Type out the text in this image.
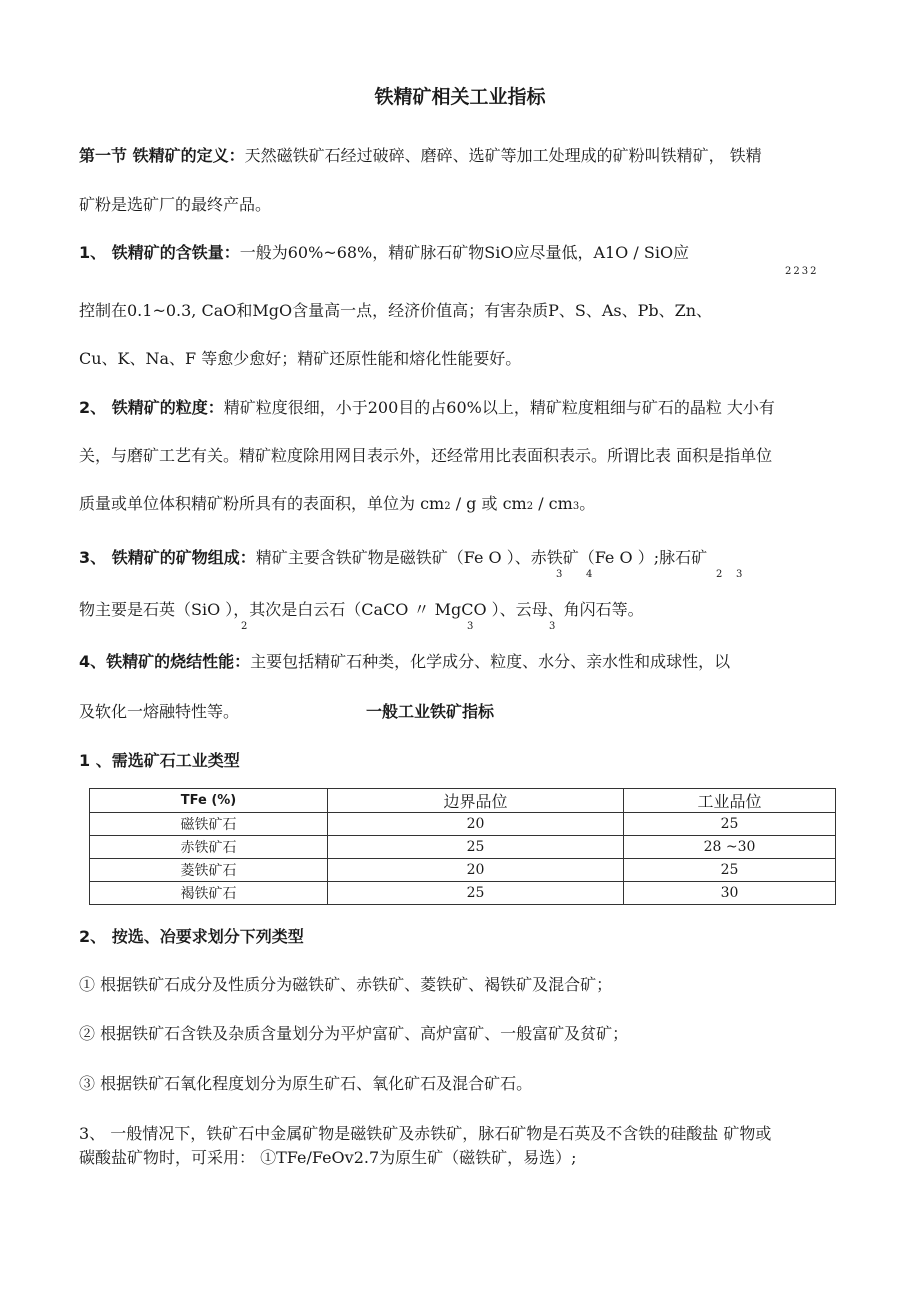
铁精矿相关工业指标
第一节 铁精矿的定义：天然磁铁矿石经过破碎、磨碎、选矿等加工处理成的矿粉叫铁精矿， 铁精
矿粉是选矿厂的最终产品。
1、 铁精矿的含铁量：一般为60%~68%，精矿脉石矿物SiO应尽量低，A1O / SiO应
2232
控制在0.1~0.3, CaO和MgO含量高一点，经济价值高；有害杂质P、S、As、Pb、Zn、
Cu、K、Na、F 等愈少愈好；精矿还原性能和熔化性能要好。
2、 铁精矿的粒度：精矿粒度很细，小于200目的占60%以上，精矿粒度粗细与矿石的晶粒 大小有
关，与磨矿工艺有关。精矿粒度除用网目表示外，还经常用比表面积表示。所谓比表 面积是指单位
质量或单位体积精矿粉所具有的表面积，单位为 cm2 / g 或 cm2 / cm3。
3、 铁精矿的矿物组成：精矿主要含铁矿物是磁铁矿（Fe O ）、赤铁矿（Fe O ）;脉石矿
3 4	2 3
物主要是石英（SiO ），其次是白云石（CaCO 〃 MgCO ）、云母、角闪石等。
2	3	3
4、铁精矿的烧结性能：主要包括精矿石种类，化学成分、粒度、水分、亲水性和成球性，以
及软化一熔融特性等。	一般工业铁矿指标
1 、需选矿石工业类型
TFe (%)	边界品位	工业品位
磁铁矿石	20	25
赤铁矿石	25	28 ~30
菱铁矿石	20	25
褐铁矿石	25	30
2、 按选、冶要求划分下列类型
① 根据铁矿石成分及性质分为磁铁矿、赤铁矿、菱铁矿、褐铁矿及混合矿；
② 根据铁矿石含铁及杂质含量划分为平炉富矿、高炉富矿、一般富矿及贫矿；
③ 根据铁矿石氧化程度划分为原生矿石、氧化矿石及混合矿石。
3、 一般情况下，铁矿石中金属矿物是磁铁矿及赤铁矿，脉石矿物是石英及不含铁的硅酸盐 矿物或
碳酸盐矿物时，可采用： ①TFe/FeOv2.7为原生矿（磁铁矿，易选）;
